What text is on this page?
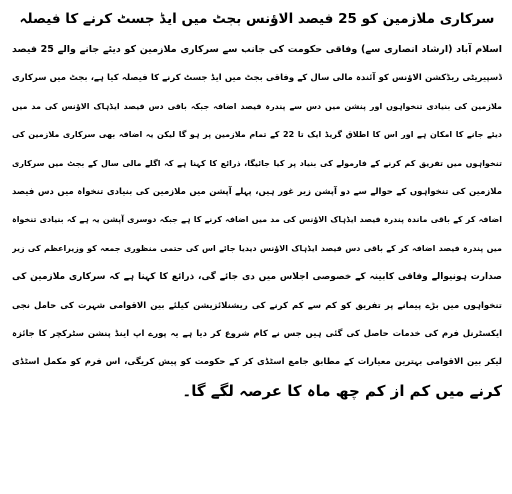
سرکاری ملازمین کو 25 فیصد الاؤنس بجٹ میں ایڈ جسٹ کرنے کا فیصلہ
اسلام آباد (ارشاد انصاری سے) وفاقی حکومت کی جانب سے سرکاری ملازمین کو دیئے جانے والے 25 فیصد
ڈسپیریٹی ریڈکشن الاؤنس کو آئندہ مالی سال کے وفاقی بجٹ میں ایڈ جسٹ کرنے کا فیصلہ کیا ہے، بجٹ میں سرکاری
ملازمین کی بنیادی تنخواہوں اور پنشن میں دس سے پندرہ فیصد اضافہ جبکہ باقی دس فیصد ایڈہاک الاؤنس کی مد میں
دیئے جانے کا امکان ہے اور اس کا اطلاق گریڈ ایک تا 22 کے تمام ملازمین پر ہو گا لیکن یہ اضافہ بھی سرکاری ملازمین کی
تنخواہوں میں تفریق کم کرنے کے فارمولے کی بنیاد پر کیا جائیگا، ذرائع کا کہنا ہے کہ اگلے مالی سال کے بجٹ میں سرکاری
ملازمین کی تنخواہوں کے حوالے سے دو آپشن زیر غور ہیں، پہلے آپشن میں ملازمین کی بنیادی تنخواہ میں دس فیصد
اضافہ کر کے باقی ماندہ پندرہ فیصد ایڈہاک الاؤنس کی مد میں اضافہ کرنے کا ہے جبکہ دوسری آپشن یہ ہے کہ بنیادی تنخواہ
میں پندرہ فیصد اضافہ کر کے باقی دس فیصد ایڈہاک الاؤنس دیدیا جائے اس کی حتمی منظوری جمعہ کو وزیراعظم کی زیر
صدارت ہونیوالے وفاقی کابینہ کے خصوصی اجلاس میں دی جائے گی، ذرائع کا کہنا ہے کہ سرکاری ملازمین کی
تنخواہوں میں بڑے پیمانے پر تفریق کو کم سے کم کرنے کی ریشنلائزیشن کیلئے بین الاقوامی شہرت کی حامل نجی
ایکسٹرنل فرم کی خدمات حاصل کی گئی ہیں جس نے کام شروع کر دیا ہے یہ پورے اپ اینڈ پنشن سٹرکچر کا جائزہ
لیکر بین الاقوامی بہترین معیارات کے مطابق جامع اسٹڈی کر کے حکومت کو پیش کریگی، اس فرم کو مکمل اسٹڈی
کرنے میں کم از کم چھ ماہ کا عرصہ لگے گا۔
